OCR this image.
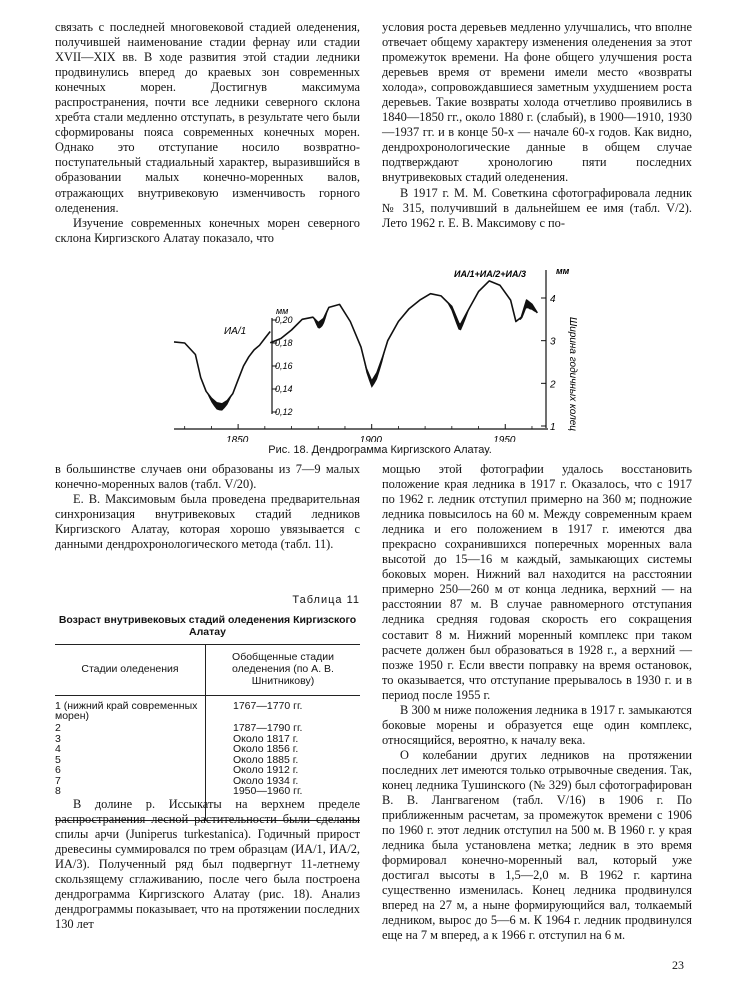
связать с последней многовековой стадией оледенения, получившей наименование стадии фернау или стадии XVII—XIX вв. В ходе развития этой стадии ледники продвинулись вперед до краевых зон современных конечных морен. Достигнув максимума распространения, почти все ледники северного склона хребта стали медленно отступать, в результате чего были сформированы пояса современных конечных морен. Однако это отступание носило возвратно-поступательный стадиальный характер, выразившийся в образовании малых конечно-моренных валов, отражающих внутривековую изменчивость горного оледенения.

Изучение современных конечных морен северного склона Киргизского Алатау показало, что

условия роста деревьев медленно улучшались, что вполне отвечает общему характеру изменения оледенения за этот промежуток времени. На фоне общего улучшения роста деревьев время от времени имели место «возвраты холода», сопровождавшиеся заметным ухудшением роста деревьев. Такие возвраты холода отчетливо проявились в 1840—1850 гг., около 1880 г. (слабый), в 1900—1910, 1930—1937 гг. и в конце 50-х — начале 60-х годов. Как видно, дендрохронологические данные в общем случае подтверждают хронологию пяти последних внутривековых стадий оледенения.

В 1917 г. М. М. Советкина сфотографировала ледник № 315, получивший в дальнейшем ее имя (табл. V/2). Лето 1962 г. Е. В. Максимову с по-

мм
ИА/1
мм
ИА/1+ИА/2+ИА/3
Ширина годичных колец
0,12
0,14
0,16
0,18
0,20
1
2
3
4
1850	1900	1950
Рис. 18. Дендрограмма Киргизского Алатау.

в большинстве случаев они образованы из 7—9 малых конечно-моренных валов (табл. V/20).

Е. В. Максимовым была проведена предварительная синхронизация внутривековых стадий ледников Киргизского Алатау, которая хорошо увязывается с данными дендрохронологического метода (табл. 11).

Таблица 11
Возраст внутривековых стадий оледенения Киргизского Алатау
Стадии оледенения
Обобщенные стадии оледенения (по А. В. Шнитникову)
1 (нижний край современных морен)
1767—1770 гг.
2	1787—1790 гг.
3	Около 1817 г.
4	Около 1856 г.
5	Около 1885 г.
6	Около 1912 г.
7	Около 1934 г.
8	1950—1960 гг.

В долине р. Иссыкаты на верхнем пределе распространения лесной растительности были сделаны спилы арчи (Juniperus turkestanica). Годичный прирост древесины суммировался по трем образцам (ИА/1, ИА/2, ИА/3). Полученный ряд был подвергнут 11-летнему скользящему сглаживанию, после чего была построена дендрограмма Киргизского Алатау (рис. 18). Анализ дендрограммы показывает, что на протяжении последних 130 лет

мощью этой фотографии удалось восстановить положение края ледника в 1917 г. Оказалось, что с 1917 по 1962 г. ледник отступил примерно на 360 м; подножие ледника повысилось на 60 м. Между современным краем ледника и его положением в 1917 г. имеются два прекрасно сохранившихся поперечных моренных вала высотой до 15—16 м каждый, замыкающих системы боковых морен. Нижний вал находится на расстоянии примерно 250—260 м от конца ледника, верхний — на расстоянии 87 м. В случае равномерного отступания ледника средняя годовая скорость его сокращения составит 8 м. Нижний моренный комплекс при таком расчете должен был образоваться в 1928 г., а верхний — позже 1950 г. Если ввести поправку на время остановок, то оказывается, что отступание прерывалось в 1930 г. и в период после 1955 г.

В 300 м ниже положения ледника в 1917 г. замыкаются боковые морены и образуется еще один комплекс, относящийся, вероятно, к началу века.

О колебании других ледников на протяжении последних лет имеются только отрывочные сведения. Так, конец ледника Тушинского (№ 329) был сфотографирован В. В. Лангвагеном (табл. V/16) в 1906 г. По приближенным расчетам, за промежуток времени с 1906 по 1960 г. этот ледник отступил на 500 м. В 1960 г. у края ледника была установлена метка; ледник в это время формировал конечно-моренный вал, который уже достигал высоты в 1,5—2,0 м. В 1962 г. картина существенно изменилась. Конец ледника продвинулся вперед на 27 м, а ныне формирующийся вал, толкаемый ледником, вырос до 5—6 м. К 1964 г. ледник продвинулся еще на 7 м вперед, а к 1966 г. отступил на 6 м.

23
